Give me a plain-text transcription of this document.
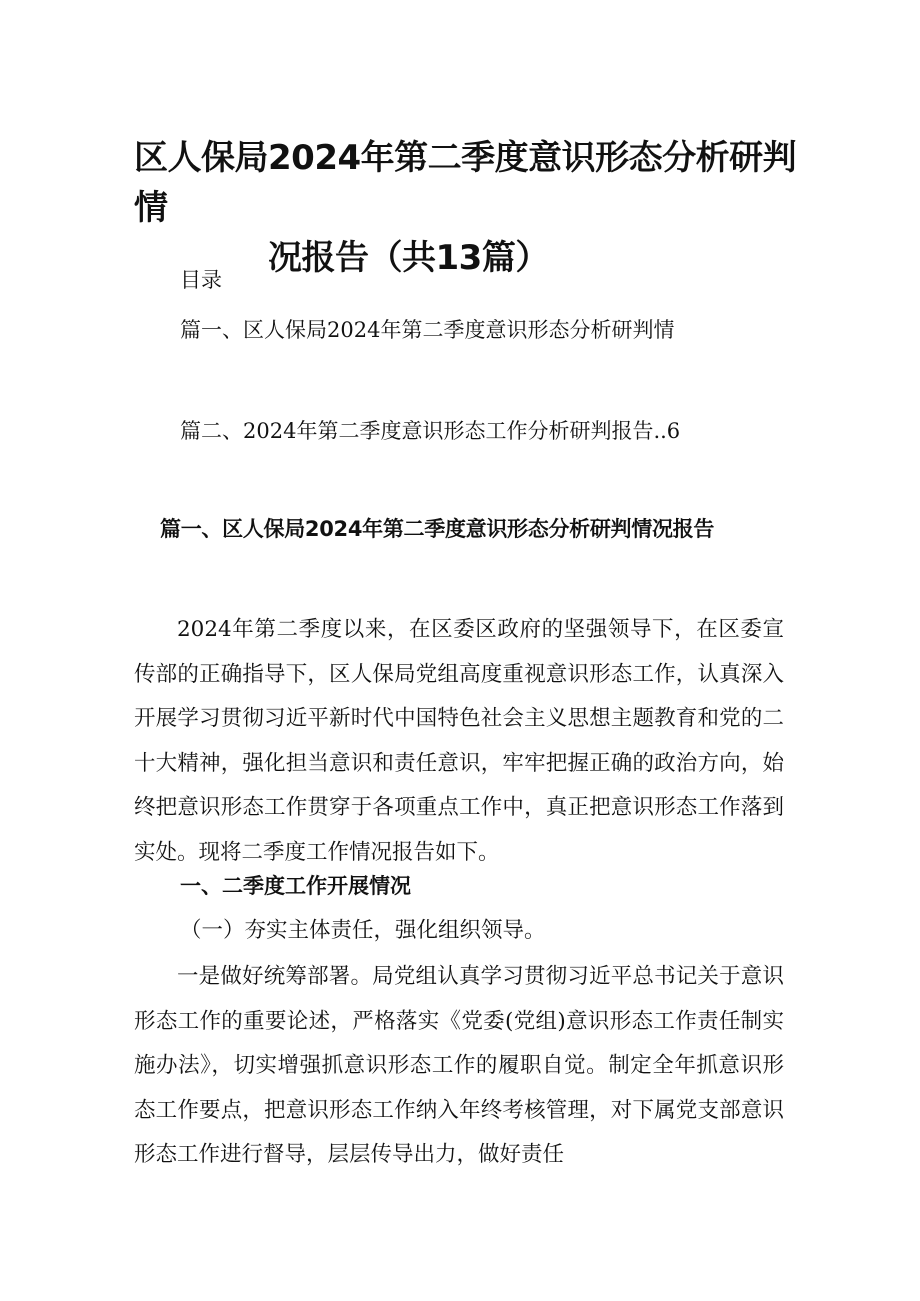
区人保局2024年第二季度意识形态分析研判情
况报告（共13篇）

目录

篇一、区人保局2024年第二季度意识形态分析研判情

篇二、2024年第二季度意识形态工作分析研判报告..6

篇一、区人保局2024年第二季度意识形态分析研判情况报告

2024年第二季度以来，在区委区政府的坚强领导下，在区委宣传部的正确指导下，区人保局党组高度重视意识形态工作，认真深入开展学习贯彻习近平新时代中国特色社会主义思想主题教育和党的二十大精神，强化担当意识和责任意识，牢牢把握正确的政治方向，始终把意识形态工作贯穿于各项重点工作中，真正把意识形态工作落到实处。现将二季度工作情况报告如下。

一、二季度工作开展情况

（一）夯实主体责任，强化组织领导。

一是做好统筹部署。局党组认真学习贯彻习近平总书记关于意识形态工作的重要论述，严格落实《党委(党组)意识形态工作责任制实施办法》，切实增强抓意识形态工作的履职自觉。制定全年抓意识形态工作要点，把意识形态工作纳入年终考核管理，对下属党支部意识形态工作进行督导，层层传导出力，做好责任
